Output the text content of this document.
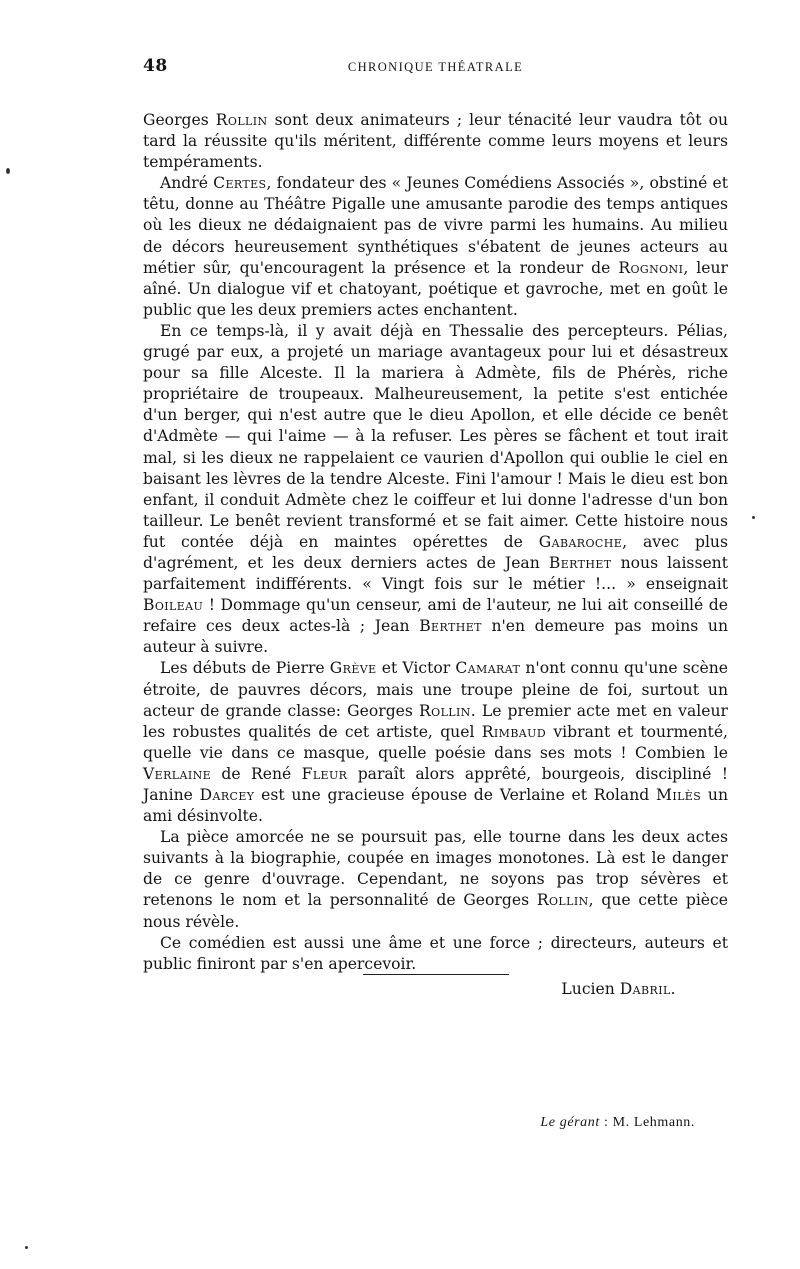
48	CHRONIQUE THÉATRALE

Georges Rollin sont deux animateurs ; leur ténacité leur vaudra tôt ou tard la réussite qu'ils méritent, différente comme leurs moyens et leurs tempéraments.

André Certes, fondateur des « Jeunes Comédiens Associés », obstiné et têtu, donne au Théâtre Pigalle une amusante parodie des temps antiques où les dieux ne dédaignaient pas de vivre parmi les humains. Au milieu de décors heureusement synthétiques s'ébatent de jeunes acteurs au métier sûr, qu'encouragent la présence et la rondeur de Rognoni, leur aîné. Un dialogue vif et chatoyant, poétique et gavroche, met en goût le public que les deux premiers actes enchantent.

En ce temps-là, il y avait déjà en Thessalie des percepteurs. Pélias, grugé par eux, a projeté un mariage avantageux pour lui et désastreux pour sa fille Alceste. Il la mariera à Admète, fils de Phérès, riche propriétaire de troupeaux. Malheureusement, la petite s'est entichée d'un berger, qui n'est autre que le dieu Apollon, et elle décide ce benêt d'Admète — qui l'aime — à la refuser. Les pères se fâchent et tout irait mal, si les dieux ne rappelaient ce vaurien d'Apollon qui oublie le ciel en baisant les lèvres de la tendre Alceste. Fini l'amour ! Mais le dieu est bon enfant, il conduit Admète chez le coiffeur et lui donne l'adresse d'un bon tailleur. Le benêt revient transformé et se fait aimer. Cette histoire nous fut contée déjà en maintes opérettes de Gabaroche, avec plus d'agrément, et les deux derniers actes de Jean Berthet nous laissent parfaitement indifférents. « Vingt fois sur le métier !... » enseignait Boileau ! Dommage qu'un censeur, ami de l'auteur, ne lui ait conseillé de refaire ces deux actes-là ; Jean Berthet n'en demeure pas moins un auteur à suivre.

Les débuts de Pierre Grève et Victor Camarat n'ont connu qu'une scène étroite, de pauvres décors, mais une troupe pleine de foi, surtout un acteur de grande classe: Georges Rollin. Le premier acte met en valeur les robustes qualités de cet artiste, quel Rimbaud vibrant et tourmenté, quelle vie dans ce masque, quelle poésie dans ses mots ! Combien le Verlaine de René Fleur paraît alors apprêté, bourgeois, discipliné ! Janine Darcey est une gracieuse épouse de Verlaine et Roland Milès un ami désinvolte.

La pièce amorcée ne se poursuit pas, elle tourne dans les deux actes suivants à la biographie, coupée en images monotones. Là est le danger de ce genre d'ouvrage. Cependant, ne soyons pas trop sévères et retenons le nom et la personnalité de Georges Rollin, que cette pièce nous révèle.

Ce comédien est aussi une âme et une force ; directeurs, auteurs et public finiront par s'en apercevoir.

Lucien Dabril.
Le gérant : M. Lehmann.
